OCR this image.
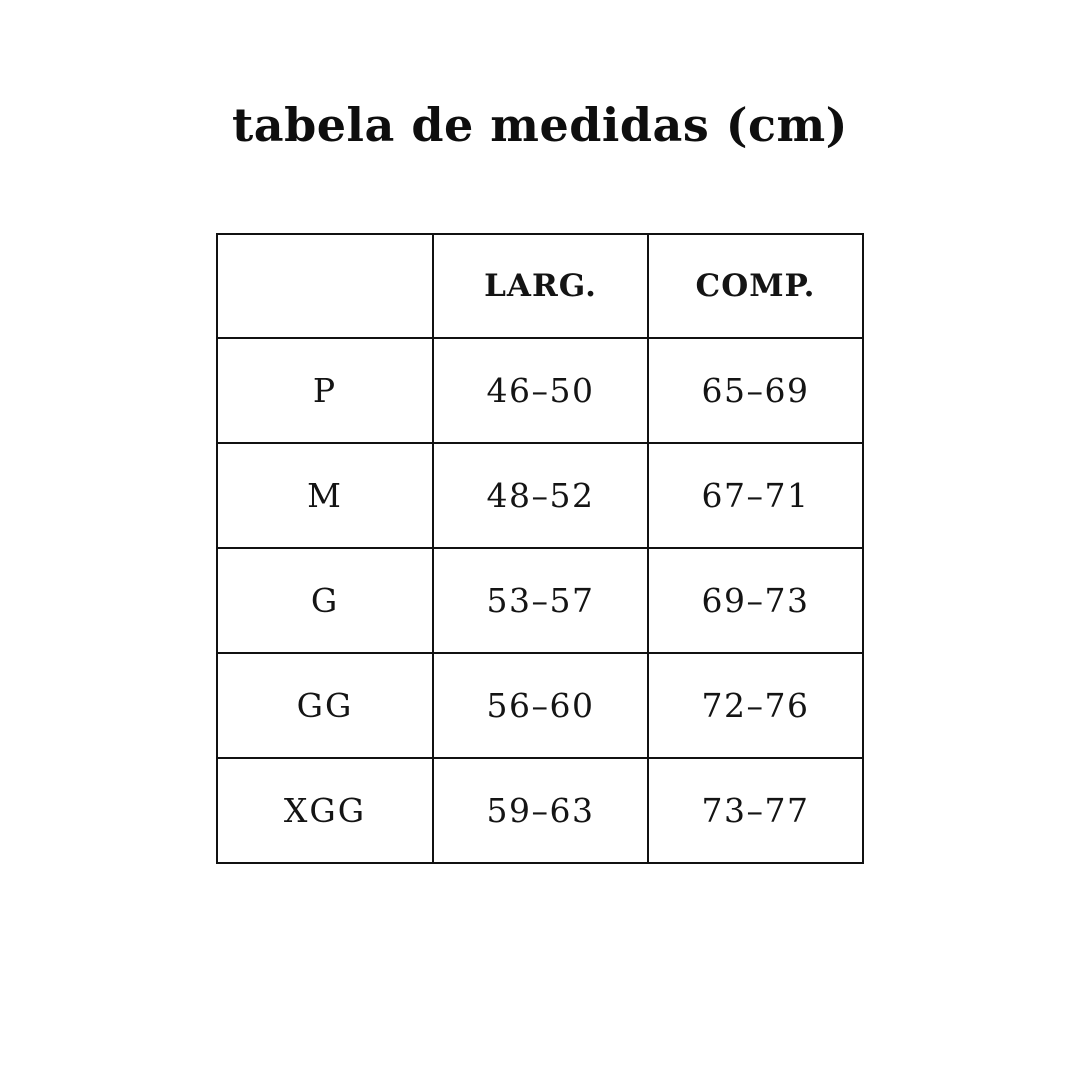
tabela de medidas (cm)
	LARG.	COMP.
P	46–50	65–69
M	48–52	67–71
G	53–57	69–73
GG	56–60	72–76
XGG	59–63	73–77
